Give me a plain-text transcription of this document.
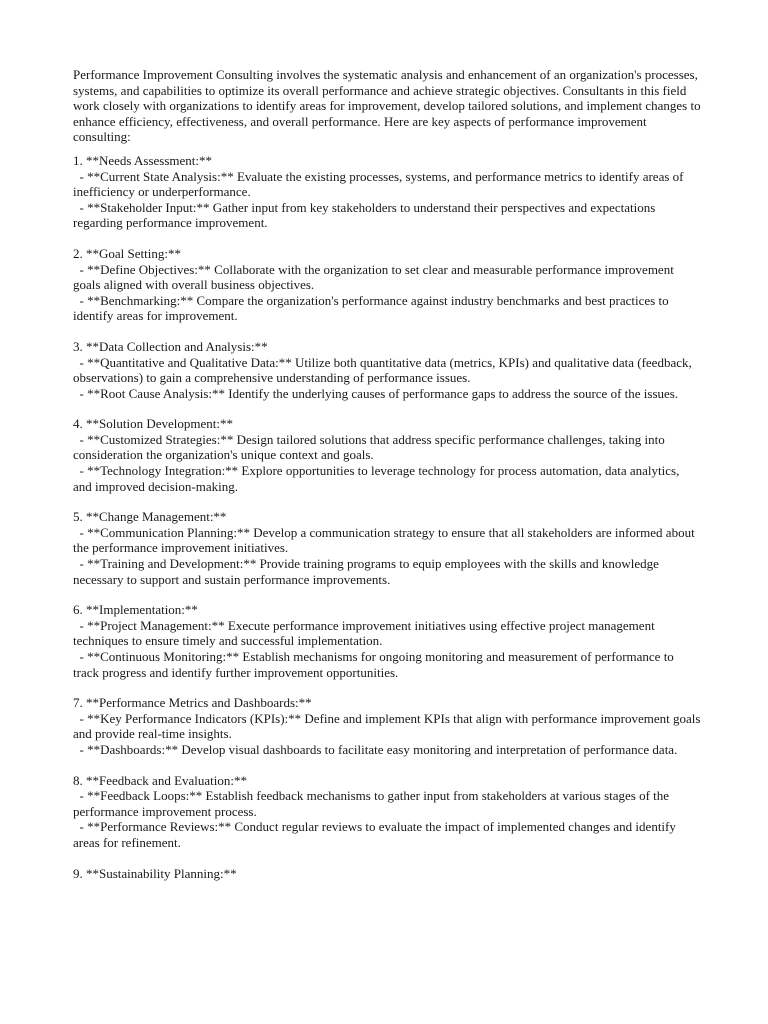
Performance Improvement Consulting involves the systematic analysis and enhancement of an organization's processes, systems, and capabilities to optimize its overall performance and achieve strategic objectives. Consultants in this field work closely with organizations to identify areas for improvement, develop tailored solutions, and implement changes to enhance efficiency, effectiveness, and overall performance. Here are key aspects of performance improvement consulting:

1. **Needs Assessment:**

- **Current State Analysis:** Evaluate the existing processes, systems, and performance metrics to identify areas of inefficiency or underperformance.

- **Stakeholder Input:** Gather input from key stakeholders to understand their perspectives and expectations regarding performance improvement.

2. **Goal Setting:**

- **Define Objectives:** Collaborate with the organization to set clear and measurable performance improvement goals aligned with overall business objectives.

- **Benchmarking:** Compare the organization's performance against industry benchmarks and best practices to identify areas for improvement.

3. **Data Collection and Analysis:**

- **Quantitative and Qualitative Data:** Utilize both quantitative data (metrics, KPIs) and qualitative data (feedback, observations) to gain a comprehensive understanding of performance issues.

- **Root Cause Analysis:** Identify the underlying causes of performance gaps to address the source of the issues.

4. **Solution Development:**

- **Customized Strategies:** Design tailored solutions that address specific performance challenges, taking into consideration the organization's unique context and goals.

- **Technology Integration:** Explore opportunities to leverage technology for process automation, data analytics, and improved decision-making.

5. **Change Management:**

- **Communication Planning:** Develop a communication strategy to ensure that all stakeholders are informed about the performance improvement initiatives.

- **Training and Development:** Provide training programs to equip employees with the skills and knowledge necessary to support and sustain performance improvements.

6. **Implementation:**

- **Project Management:** Execute performance improvement initiatives using effective project management techniques to ensure timely and successful implementation.

- **Continuous Monitoring:** Establish mechanisms for ongoing monitoring and measurement of performance to track progress and identify further improvement opportunities.

7. **Performance Metrics and Dashboards:**

- **Key Performance Indicators (KPIs):** Define and implement KPIs that align with performance improvement goals and provide real-time insights.

- **Dashboards:** Develop visual dashboards to facilitate easy monitoring and interpretation of performance data.

8. **Feedback and Evaluation:**

- **Feedback Loops:** Establish feedback mechanisms to gather input from stakeholders at various stages of the performance improvement process.

- **Performance Reviews:** Conduct regular reviews to evaluate the impact of implemented changes and identify areas for refinement.

9. **Sustainability Planning:**
